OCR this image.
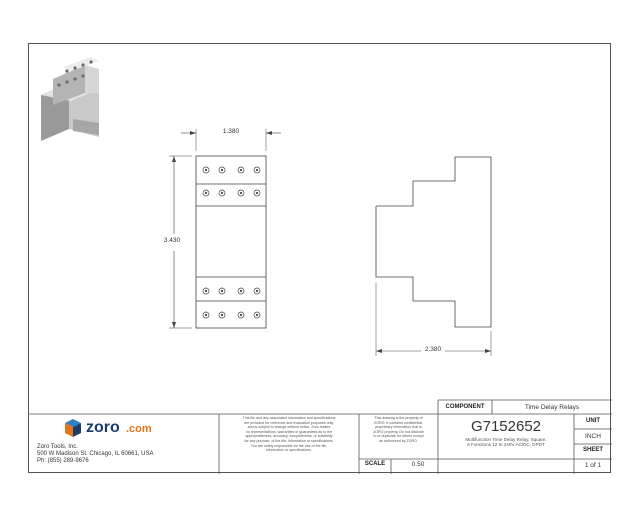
1.380
3.430
2.380
zoro .com
Zoro Tools, Inc.
500 W Madison St. Chicago, IL 60661, USA
Ph: (855) 289-9676
This file and any associated information and specifications
are provided for reference and evaluation purposes only,
and is subject to change without notice. Zoro makes
no representations, warranties or guarantees as to the
appropriateness, accuracy, completeness, or suitability
for any purpose, of the file, information or specifications.
You are solely responsible for the use of the file,
information or specifications.
This drawing is the property of
ZORO. It contains confidential,
proprietary information that is
ZORO property. Do not disclose
to or duplicate for others except
as authorized by ZORO.
COMPONENT	Time Delay Relays
G7152652
Multifunction Time Delay Relay, Square,
6 Functions 12 to 240V AC/DC, DPDT
SCALE	0.50
UNIT
INCH
SHEET
1 of 1
